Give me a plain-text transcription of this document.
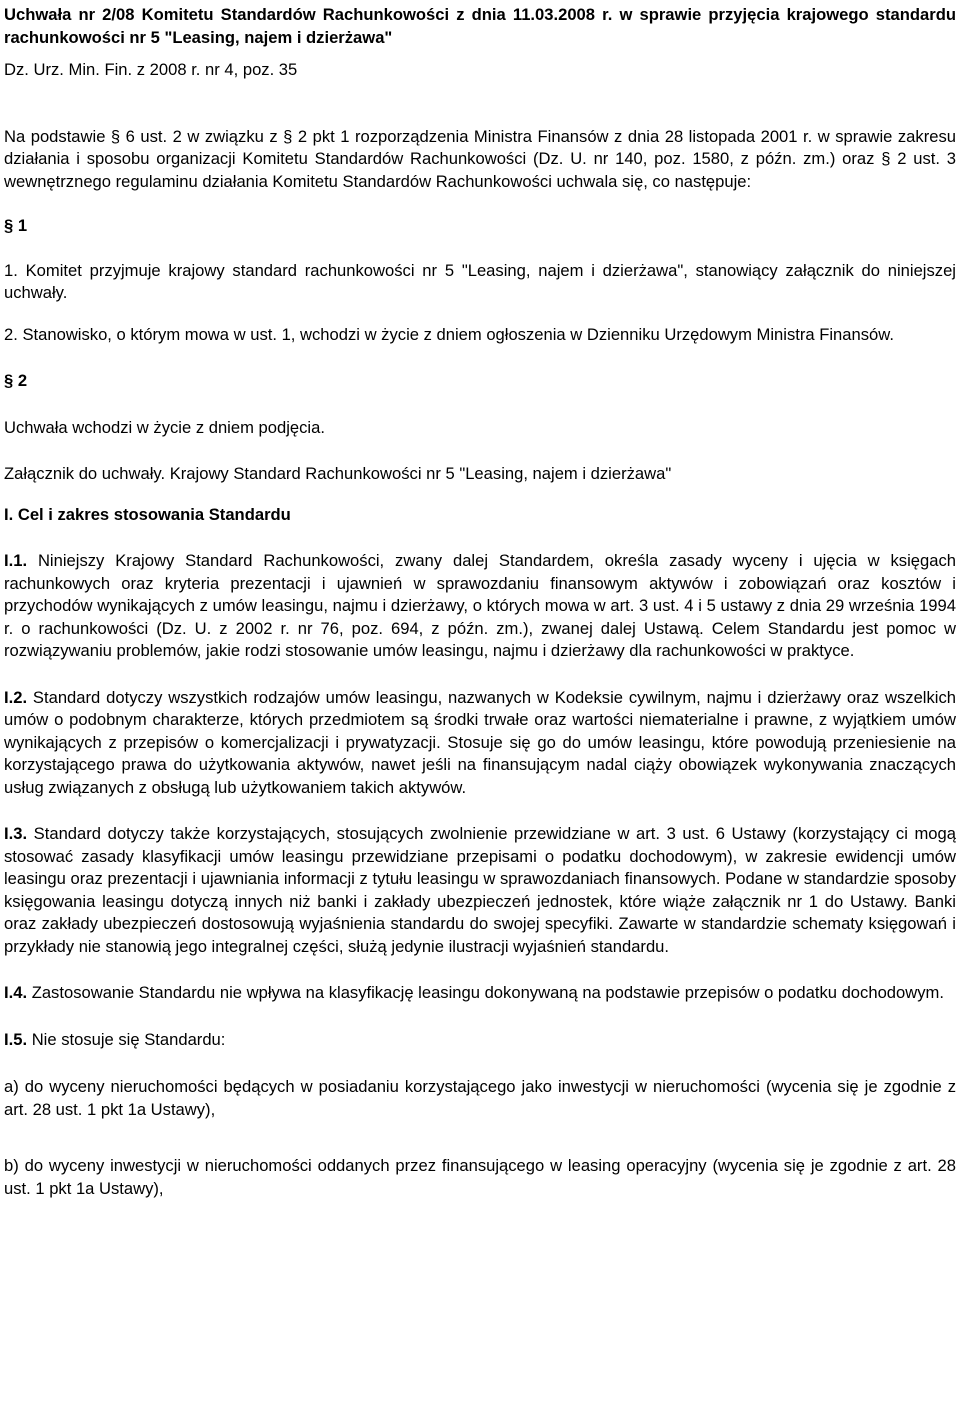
Uchwała nr 2/08 Komitetu Standardów Rachunkowości z dnia 11.03.2008 r. w sprawie przyjęcia krajowego standardu rachunkowości nr 5 "Leasing, najem i dzierżawa"

Dz. Urz. Min. Fin. z 2008 r. nr 4, poz. 35

Na podstawie § 6 ust. 2 w związku z § 2 pkt 1 rozporządzenia Ministra Finansów z dnia 28 listopada 2001 r. w sprawie zakresu działania i sposobu organizacji Komitetu Standardów Rachunkowości (Dz. U. nr 140, poz. 1580, z późn. zm.) oraz § 2 ust. 3 wewnętrznego regulaminu działania Komitetu Standardów Rachunkowości uchwala się, co następuje:

§ 1

1. Komitet przyjmuje krajowy standard rachunkowości nr 5 "Leasing, najem i dzierżawa", stanowiący załącznik do niniejszej uchwały.

2. Stanowisko, o którym mowa w ust. 1, wchodzi w życie z dniem ogłoszenia w Dzienniku Urzędowym Ministra Finansów.

§ 2

Uchwała wchodzi w życie z dniem podjęcia.

Załącznik do uchwały. Krajowy Standard Rachunkowości nr 5 "Leasing, najem i dzierżawa"

I. Cel i zakres stosowania Standardu

I.1. Niniejszy Krajowy Standard Rachunkowości, zwany dalej Standardem, określa zasady wyceny i ujęcia w księgach rachunkowych oraz kryteria prezentacji i ujawnień w sprawozdaniu finansowym aktywów i zobowiązań oraz kosztów i przychodów wynikających z umów leasingu, najmu i dzierżawy, o których mowa w art. 3 ust. 4 i 5 ustawy z dnia 29 września 1994 r. o rachunkowości (Dz. U. z 2002 r. nr 76, poz. 694, z późn. zm.), zwanej dalej Ustawą. Celem Standardu jest pomoc w rozwiązywaniu problemów, jakie rodzi stosowanie umów leasingu, najmu i dzierżawy dla rachunkowości w praktyce.

I.2. Standard dotyczy wszystkich rodzajów umów leasingu, nazwanych w Kodeksie cywilnym, najmu i dzierżawy oraz wszelkich umów o podobnym charakterze, których przedmiotem są środki trwałe oraz wartości niematerialne i prawne, z wyjątkiem umów wynikających z przepisów o komercjalizacji i prywatyzacji. Stosuje się go do umów leasingu, które powodują przeniesienie na korzystającego prawa do użytkowania aktywów, nawet jeśli na finansującym nadal ciąży obowiązek wykonywania znaczących usług związanych z obsługą lub użytkowaniem takich aktywów.

I.3. Standard dotyczy także korzystających, stosujących zwolnienie przewidziane w art. 3 ust. 6 Ustawy (korzystający ci mogą stosować zasady klasyfikacji umów leasingu przewidziane przepisami o podatku dochodowym), w zakresie ewidencji umów leasingu oraz prezentacji i ujawniania informacji z tytułu leasingu w sprawozdaniach finansowych. Podane w standardzie sposoby księgowania leasingu dotyczą innych niż banki i zakłady ubezpieczeń jednostek, które wiąże załącznik nr 1 do Ustawy. Banki oraz zakłady ubezpieczeń dostosowują wyjaśnienia standardu do swojej specyfiki. Zawarte w standardzie schematy księgowań i przykłady nie stanowią jego integralnej części, służą jedynie ilustracji wyjaśnień standardu.

I.4. Zastosowanie Standardu nie wpływa na klasyfikację leasingu dokonywaną na podstawie przepisów o podatku dochodowym.

I.5. Nie stosuje się Standardu:

a) do wyceny nieruchomości będących w posiadaniu korzystającego jako inwestycji w nieruchomości (wycenia się je zgodnie z art. 28 ust. 1 pkt 1a Ustawy),

b) do wyceny inwestycji w nieruchomości oddanych przez finansującego w leasing operacyjny (wycenia się je zgodnie z art. 28 ust. 1 pkt 1a Ustawy),
